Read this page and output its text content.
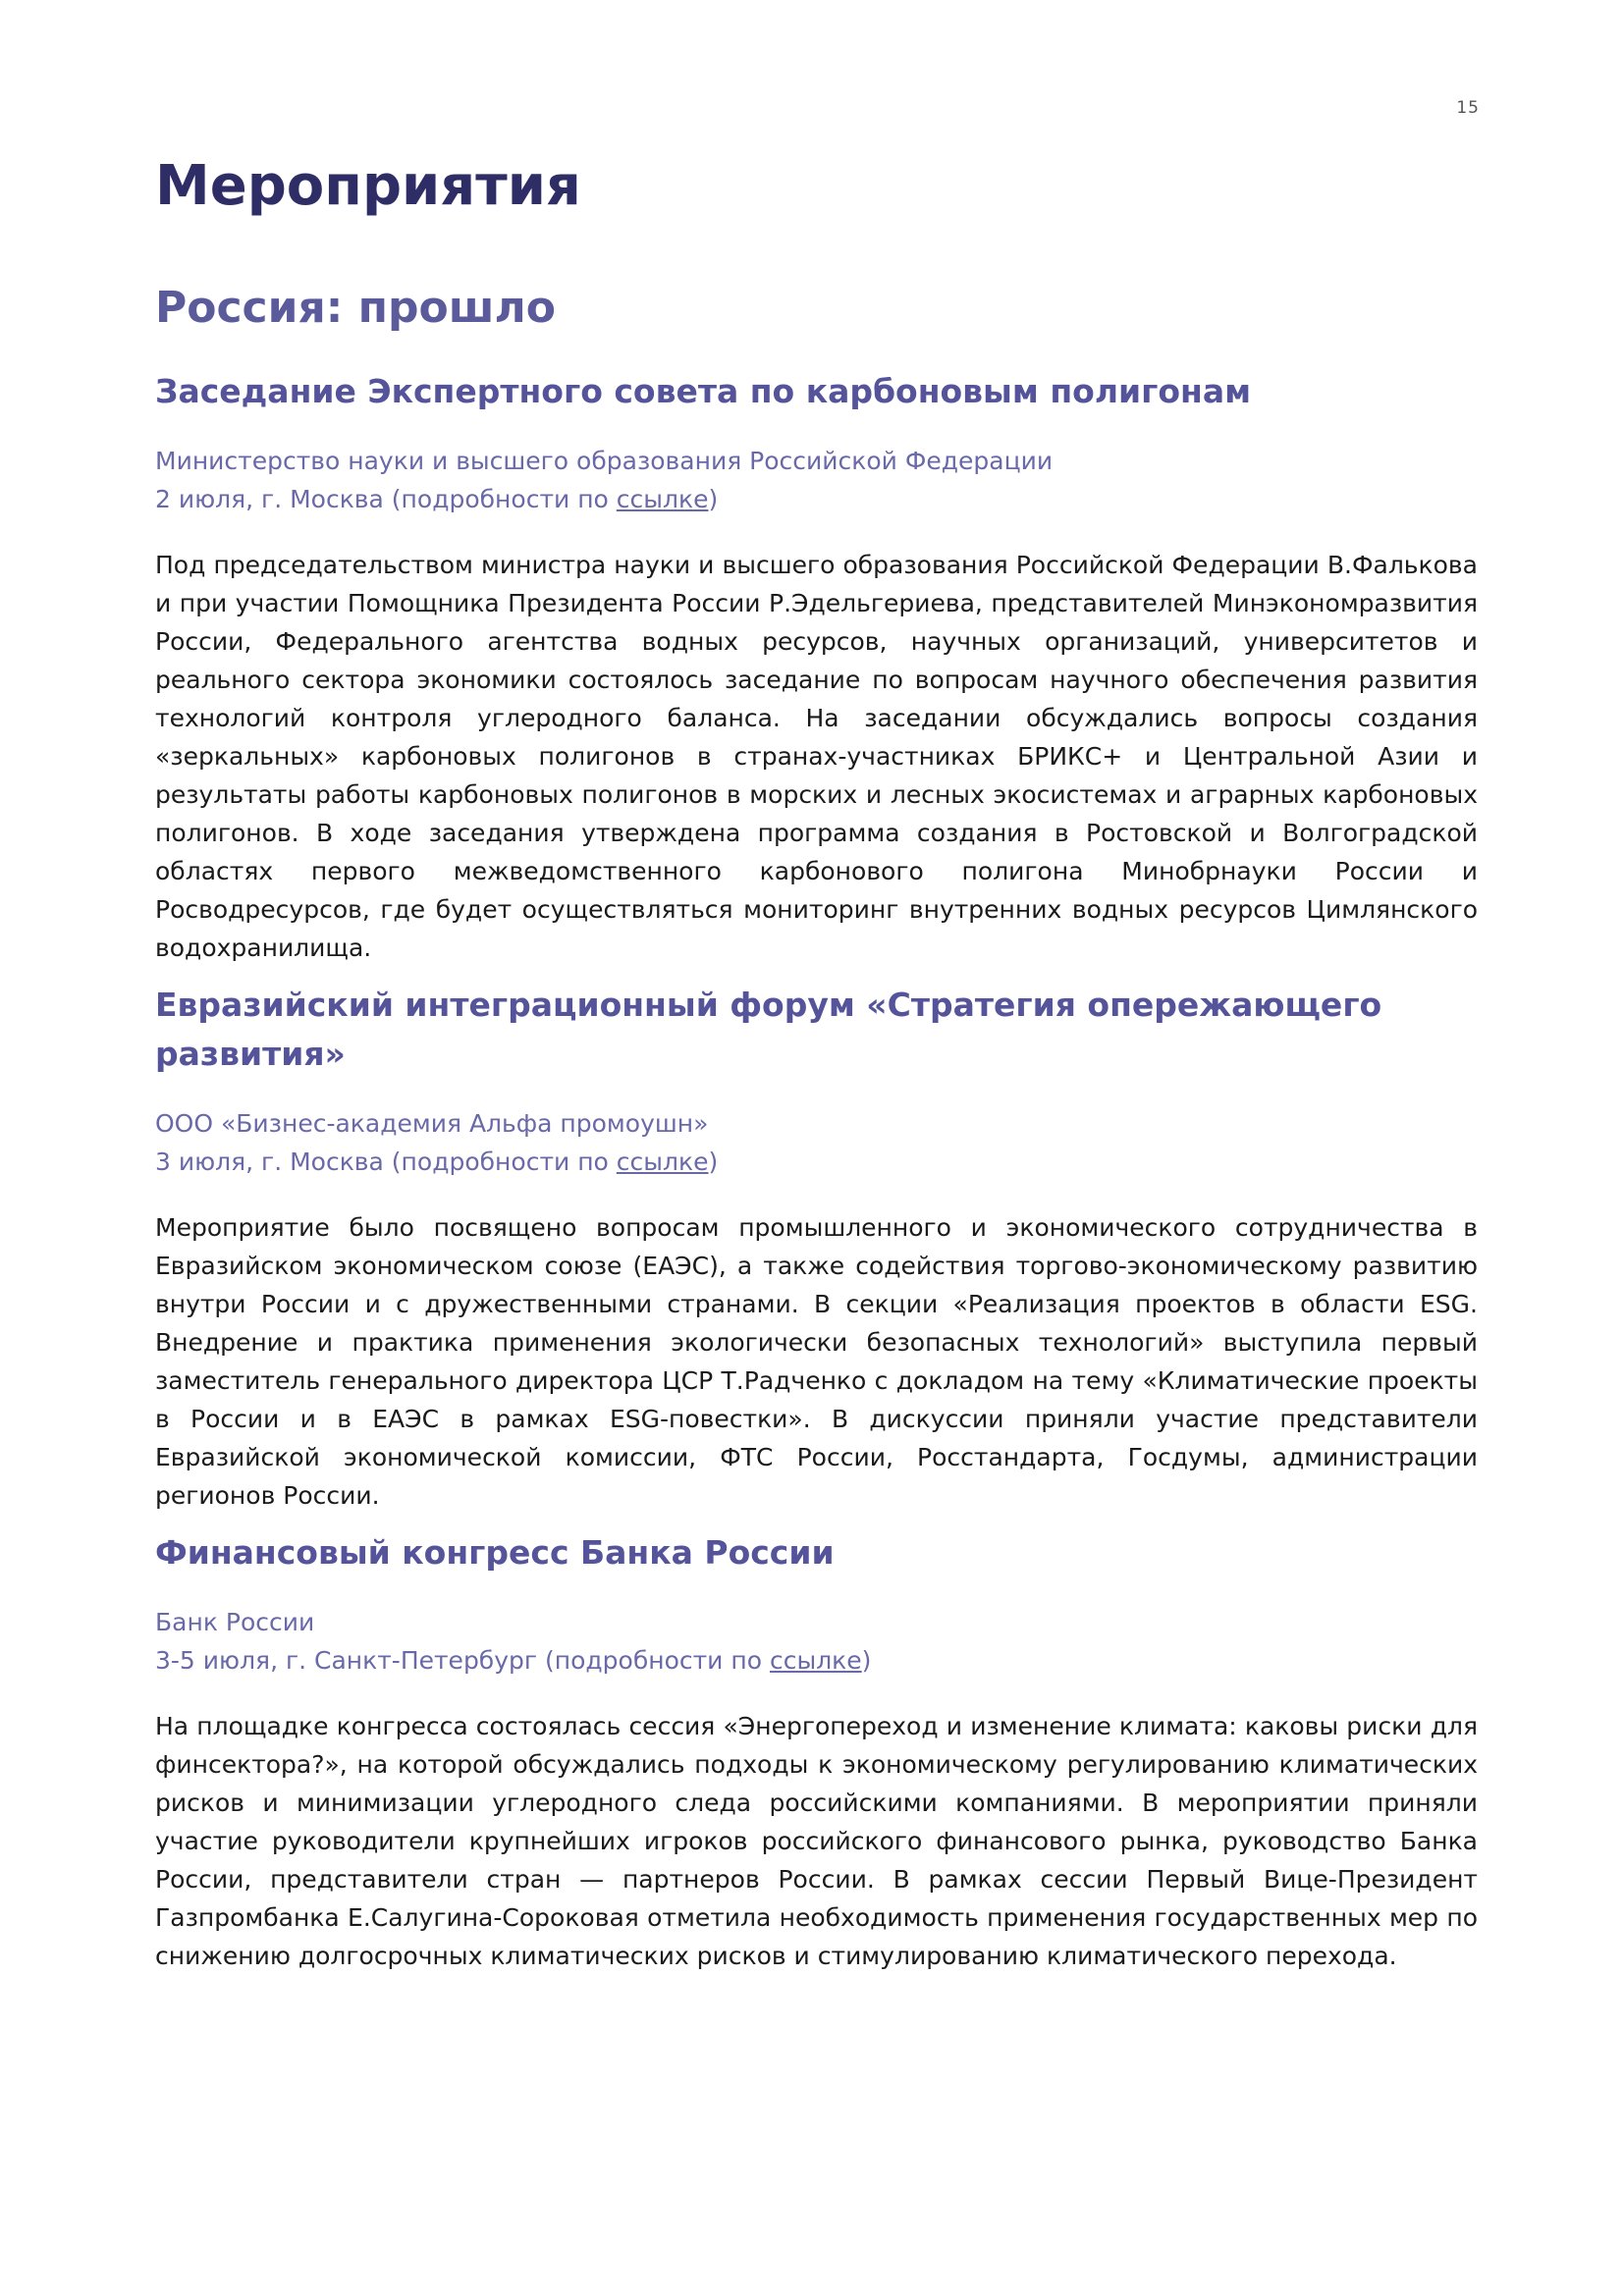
15
Мероприятия
Россия: прошло
Заседание Экспертного совета по карбоновым полигонам
Министерство науки и высшего образования Российской Федерации
2 июля, г. Москва (подробности по ссылке)

Под председательством министра науки и высшего образования Российской Федерации В.Фалькова и при участии Помощника Президента России Р.Эдельгериева, представителей Минэкономразвития России, Федерального агентства водных ресурсов, научных организаций, университетов и реального сектора экономики состоялось заседание по вопросам научного обеспечения развития технологий контроля углеродного баланса. На заседании обсуждались вопросы создания «зеркальных» карбоновых полигонов в странах-участниках БРИКС+ и Центральной Азии и результаты работы карбоновых полигонов в морских и лесных экосистемах и аграрных карбоновых полигонов. В ходе заседания утверждена программа создания в Ростовской и Волгоградской областях первого межведомственного карбонового полигона Минобрнауки России и Росводресурсов, где будет осуществляться мониторинг внутренних водных ресурсов Цимлянского водохранилища.

Евразийский интеграционный форум «Стратегия опережающего развития»
ООО «Бизнес-академия Альфа промоушн»
3 июля, г. Москва (подробности по ссылке)

Мероприятие было посвящено вопросам промышленного и экономического сотрудничества в Евразийском экономическом союзе (ЕАЭС), а также содействия торгово-экономическому развитию внутри России и с дружественными странами. В секции «Реализация проектов в области ESG. Внедрение и практика применения экологически безопасных технологий» выступила первый заместитель генерального директора ЦСР Т.Радченко с докладом на тему «Климатические проекты в России и в ЕАЭС в рамках ESG-повестки». В дискуссии приняли участие представители Евразийской экономической комиссии, ФТС России, Росстандарта, Госдумы, администрации регионов России.

Финансовый конгресс Банка России
Банк России
3-5 июля, г. Санкт-Петербург (подробности по ссылке)

На площадке конгресса состоялась сессия «Энергопереход и изменение климата: каковы риски для финсектора?», на которой обсуждались подходы к экономическому регулированию климатических рисков и минимизации углеродного следа российскими компаниями. В мероприятии приняли участие руководители крупнейших игроков российского финансового рынка, руководство Банка России, представители стран — партнеров России. В рамках сессии Первый Вице-Президент Газпромбанка Е.Салугина-Сороковая отметила необходимость применения государственных мер по снижению долгосрочных климатических рисков и стимулированию климатического перехода.
